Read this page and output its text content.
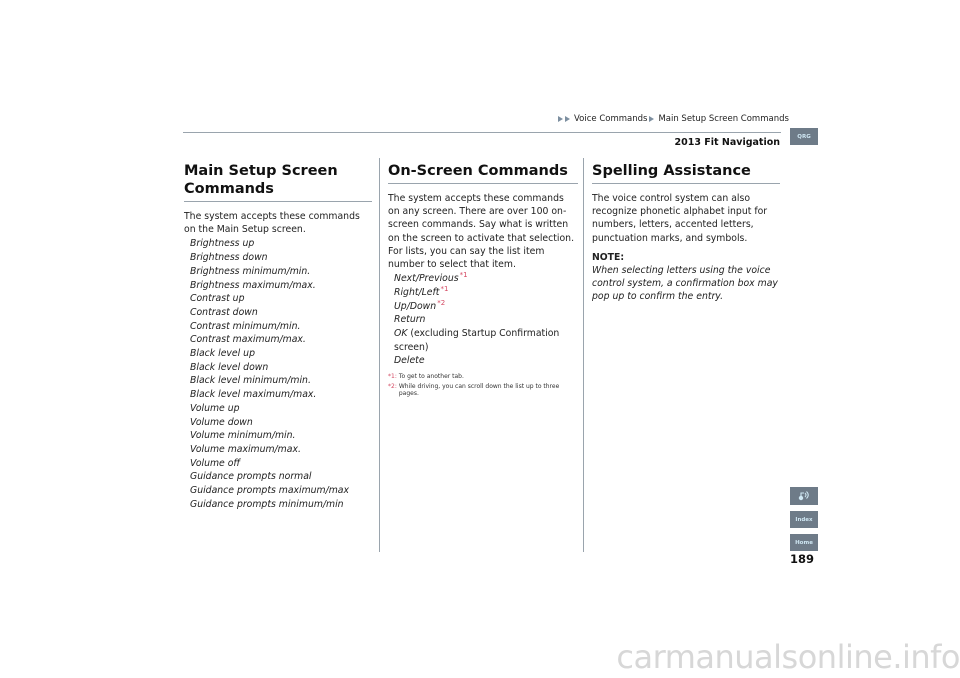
Voice Commands Main Setup Screen Commands
2013 Fit Navigation
Main Setup Screen Commands
The system accepts these commands on the Main Setup screen.
Brightness up
Brightness down
Brightness minimum/min.
Brightness maximum/max.
Contrast up
Contrast down
Contrast minimum/min.
Contrast maximum/max.
Black level up
Black level down
Black level minimum/min.
Black level maximum/max.
Volume up
Volume down
Volume minimum/min.
Volume maximum/max.
Volume off
Guidance prompts normal
Guidance prompts maximum/max
Guidance prompts minimum/min
On-Screen Commands
The system accepts these commands on any screen. There are over 100 on-screen commands. Say what is written on the screen to activate that selection. For lists, you can say the list item number to select that item.
Next/Previous$^{*1}$
Right/Left$^{*1}$
Up/Down$^{*2}$
Return
OK (excluding Startup Confirmation screen)
Delete
*1: To get to another tab.
*2: While driving, you can scroll down the list up to three pages.
Spelling Assistance
The voice control system can also recognize phonetic alphabet input for numbers, letters, accented letters, punctuation marks, and symbols.
NOTE:
When selecting letters using the voice control system, a confirmation box may pop up to confirm the entry.
QRG
Index
Home
189
carmanualsonline.info
